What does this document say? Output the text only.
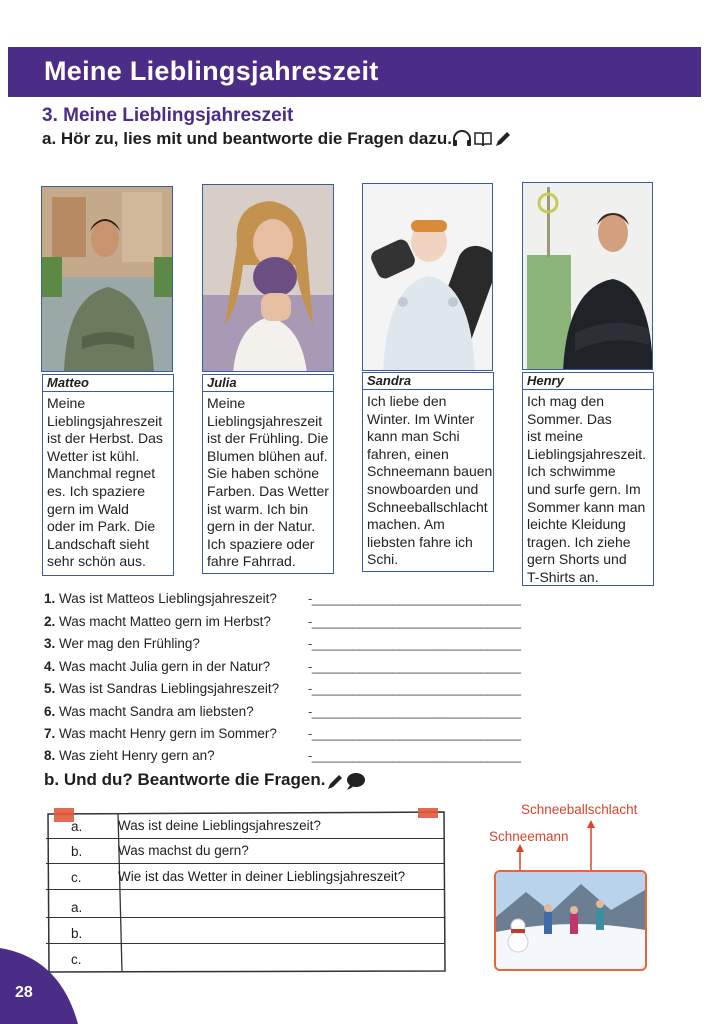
Meine Lieblingsjahreszeit
3. Meine Lieblingsjahreszeit
a. Hör zu, lies mit und beantworte die Fragen dazu.
Matteo
Meine
Lieblingsjahreszeit
ist der Herbst. Das
Wetter ist kühl.
Manchmal regnet
es. Ich spaziere
gern im Wald
oder im Park. Die
Landschaft sieht
sehr schön aus.
Julia
Meine
Lieblingsjahreszeit
ist der Frühling. Die
Blumen blühen auf.
Sie haben schöne
Farben. Das Wetter
ist warm. Ich bin
gern in der Natur.
Ich spaziere oder
fahre Fahrrad.
Sandra
Ich liebe den
Winter. Im Winter
kann man Schi
fahren, einen
Schneemann bauen
snowboarden und
Schneeballschlacht
machen. Am
liebsten fahre ich
Schi.
Henry
Ich mag den
Sommer. Das
ist meine
Lieblingsjahreszeit.
Ich schwimme
und surfe gern. Im
Sommer kann man
leichte Kleidung
tragen. Ich ziehe
gern Shorts und
T-Shirts an.
1. Was ist Matteos Lieblingsjahreszeit? -_______________________________
2. Was macht Matteo gern im Herbst?	-_______________________________
3. Wer mag den Frühling?	-_______________________________
4. Was macht Julia gern in der Natur?	-_______________________________
5. Was ist Sandras Lieblingsjahreszeit? -_______________________________
6. Was macht Sandra am liebsten?	-_______________________________
7. Was macht Henry gern im Sommer? -_______________________________
8. Was zieht Henry gern an?	-_______________________________
b. Und du? Beantworte die Fragen.
a.	Was ist deine Lieblingsjahreszeit?
b.	Was machst du gern?
c.	Wie ist das Wetter in deiner Lieblingsjahreszeit?
a.
b.
c.
Schneeballschlacht
Schneemann
28
